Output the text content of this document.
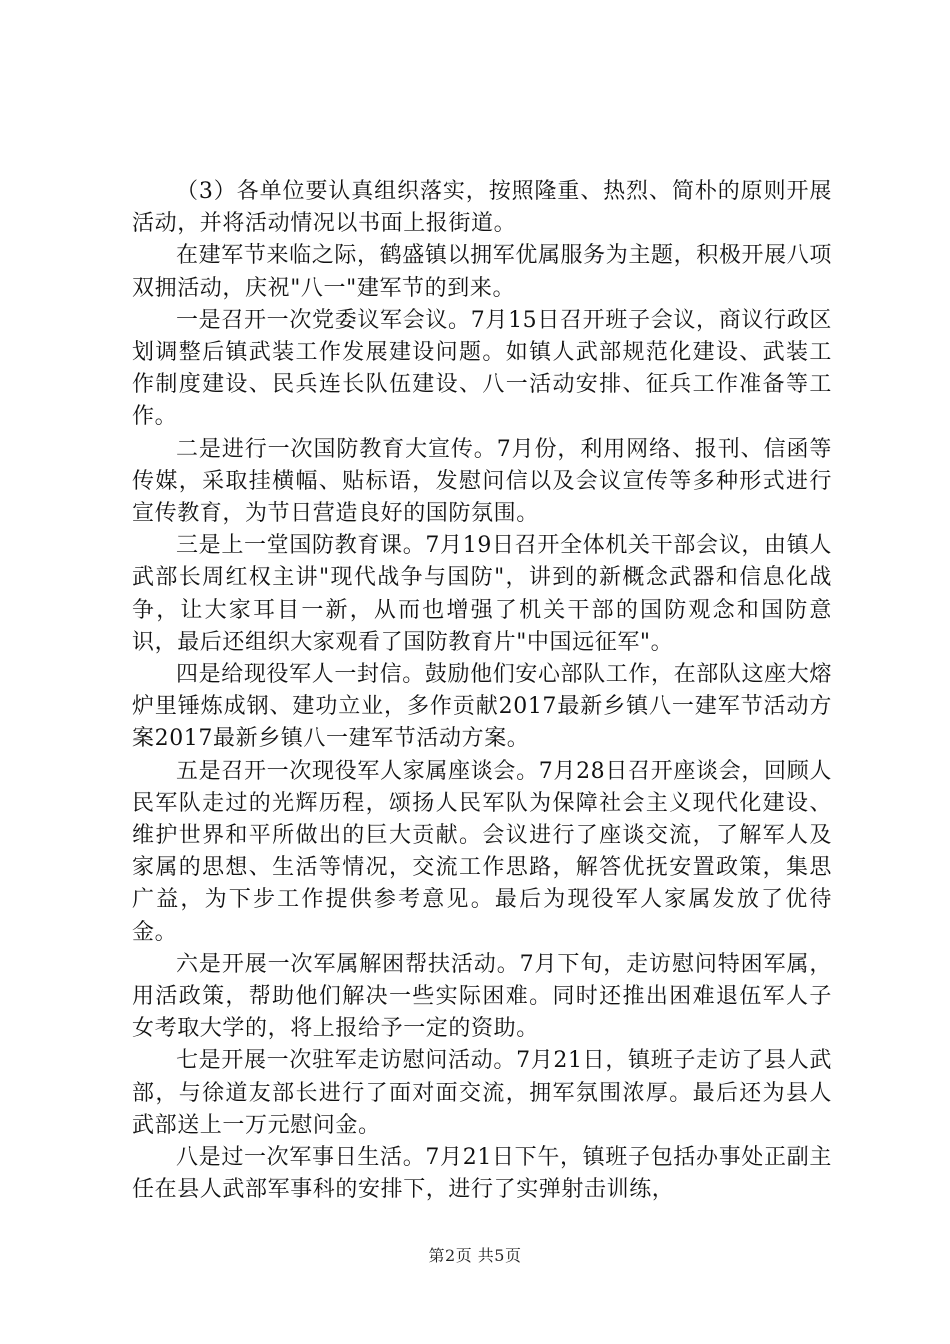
（3）各单位要认真组织落实，按照隆重、热烈、简朴的原则开展活动，并将活动情况以书面上报街道。

在建军节来临之际，鹤盛镇以拥军优属服务为主题，积极开展八项双拥活动，庆祝"八一"建军节的到来。

一是召开一次党委议军会议。7月15日召开班子会议，商议行政区划调整后镇武装工作发展建设问题。如镇人武部规范化建设、武装工作制度建设、民兵连长队伍建设、八一活动安排、征兵工作准备等工作。

二是进行一次国防教育大宣传。7月份，利用网络、报刊、信函等传媒，采取挂横幅、贴标语，发慰问信以及会议宣传等多种形式进行宣传教育，为节日营造良好的国防氛围。

三是上一堂国防教育课。7月19日召开全体机关干部会议，由镇人武部长周红权主讲"现代战争与国防"，讲到的新概念武器和信息化战争，让大家耳目一新，从而也增强了机关干部的国防观念和国防意识，最后还组织大家观看了国防教育片"中国远征军"。

四是给现役军人一封信。鼓励他们安心部队工作，在部队这座大熔炉里锤炼成钢、建功立业，多作贡献2017最新乡镇八一建军节活动方案2017最新乡镇八一建军节活动方案。

五是召开一次现役军人家属座谈会。7月28日召开座谈会，回顾人民军队走过的光辉历程，颂扬人民军队为保障社会主义现代化建设、维护世界和平所做出的巨大贡献。会议进行了座谈交流，了解军人及家属的思想、生活等情况，交流工作思路，解答优抚安置政策，集思广益，为下步工作提供参考意见。最后为现役军人家属发放了优待金。

六是开展一次军属解困帮扶活动。7月下旬，走访慰问特困军属，用活政策，帮助他们解决一些实际困难。同时还推出困难退伍军人子女考取大学的，将上报给予一定的资助。

七是开展一次驻军走访慰问活动。7月21日，镇班子走访了县人武部，与徐道友部长进行了面对面交流，拥军氛围浓厚。最后还为县人武部送上一万元慰问金。

八是过一次军事日生活。7月21日下午，镇班子包括办事处正副主任在县人武部军事科的安排下，进行了实弹射击训练，

第2页 共5页
